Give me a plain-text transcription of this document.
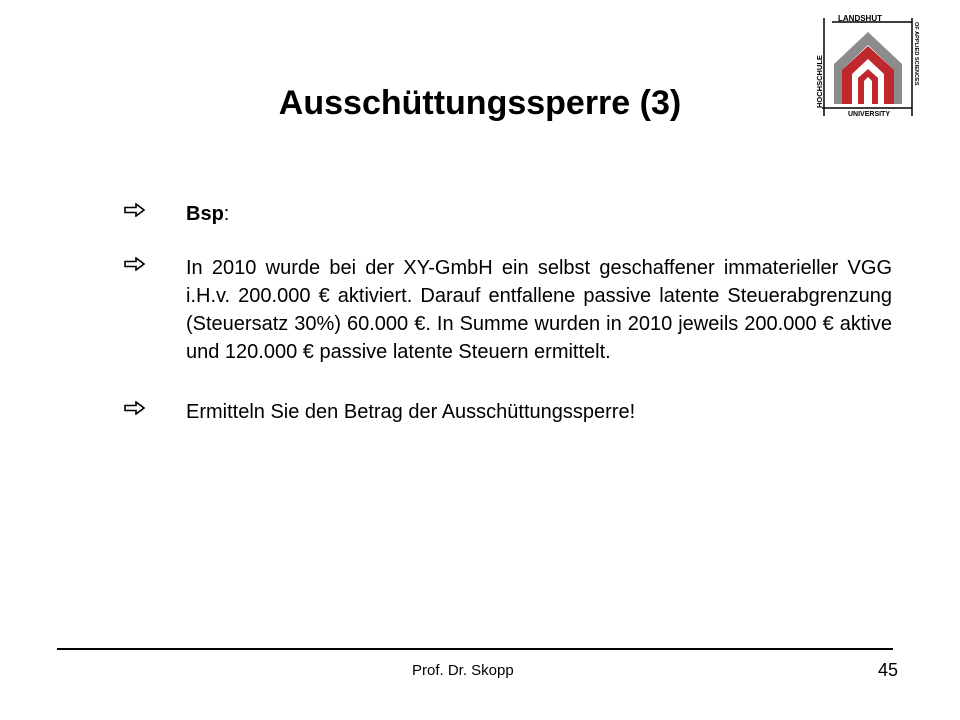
Ausschüttungssperre (3)
LANDSHUT
HOCHSCHULE	OF APPLIED SCIENCES
UNIVERSITY
Bsp:
In 2010 wurde bei der XY-GmbH ein selbst geschaffener immaterieller VGG i.H.v. 200.000 € aktiviert. Darauf entfallene passive latente Steuerabgrenzung (Steuersatz 30%) 60.000 €. In Summe wurden in 2010 jeweils 200.000 € aktive und 120.000 € passive latente Steuern ermittelt.
Ermitteln Sie den Betrag der Ausschüttungssperre!
Prof. Dr. Skopp	45
